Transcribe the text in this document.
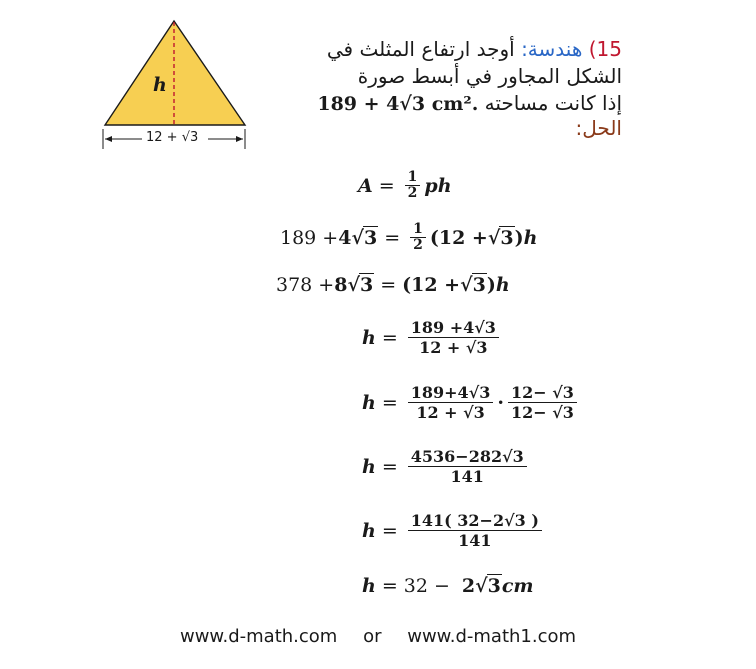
h
12 + √3
15) هندسة: أوجد ارتفاع المثلث في
الشكل المجاور في أبسط صورة
إذا كانت مساحته 189 + 4√3 cm².
الحل:
$A = \frac{1}{2}$ ph
189 + 4 $√3 = \frac{1}{2} (12 + √3$ ) h
378 + 8 √3 = (12 + √3 ) h
$h = \frac{189 +4√3}{12 + √3}$
$h = \frac{189+4√3}{12 + √3} \cdot \frac{12- √3}{12- √3}$
$h = \frac{4536-282√3}{141}$
$h = \frac{141( 32-2√3 )}{141}$
h = 32 − 2 √3 cm
www.d-math.com or www.d-math1.com
